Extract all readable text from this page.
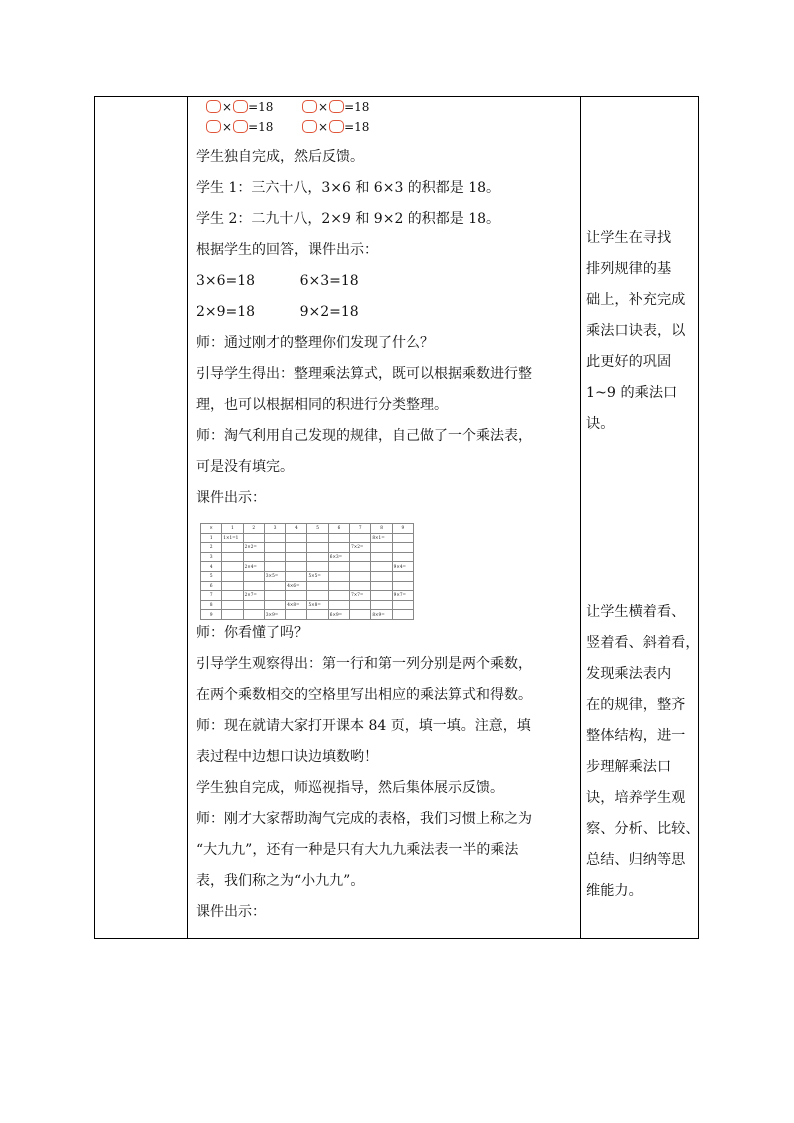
× =18	× =18
× =18	× =18
学生独自完成，然后反馈。
学生 1：三六十八，3×6 和 6×3 的积都是 18。
学生 2：二九十八，2×9 和 9×2 的积都是 18。
根据学生的回答，课件出示：
3×6=18          6×3=18
2×9=18          9×2=18
师：通过刚才的整理你们发现了什么？
引导学生得出：整理乘法算式，既可以根据乘数进行整
理，也可以根据相同的积进行分类整理。
师：淘气利用自己发现的规律，自己做了一个乘法表，
可是没有填完。
课件出示：
×	1	2	3	4	5	6	7	8	9
1	1×1=1							8×1=	
2		2×2=					7×2=		
3						6×3=			
4		2×4=							9×4=
5			3×5=		5×5=				
6				4×6=					
7		2×7=					7×7=		9×7=
8				4×8=	5×8=				
9			3×9=			6×9=		8×9=	
师：你看懂了吗？
引导学生观察得出：第一行和第一列分别是两个乘数，
在两个乘数相交的空格里写出相应的乘法算式和得数。
师：现在就请大家打开课本 84 页，填一填。注意，填
表过程中边想口诀边填数哟！
学生独自完成，师巡视指导，然后集体展示反馈。
师：刚才大家帮助淘气完成的表格，我们习惯上称之为
“大九九”，还有一种是只有大九九乘法表一半的乘法
表，我们称之为“小九九”。
课件出示：
让学生在寻找
排列规律的基
础上，补充完成
乘法口诀表，以
此更好的巩固
1~9 的乘法口
诀。
让学生横着看、
竖着看、斜着看，
发现乘法表内
在的规律，整齐
整体结构，进一
步理解乘法口
诀，培养学生观
察、分析、比较、
总结、归纳等思
维能力。
